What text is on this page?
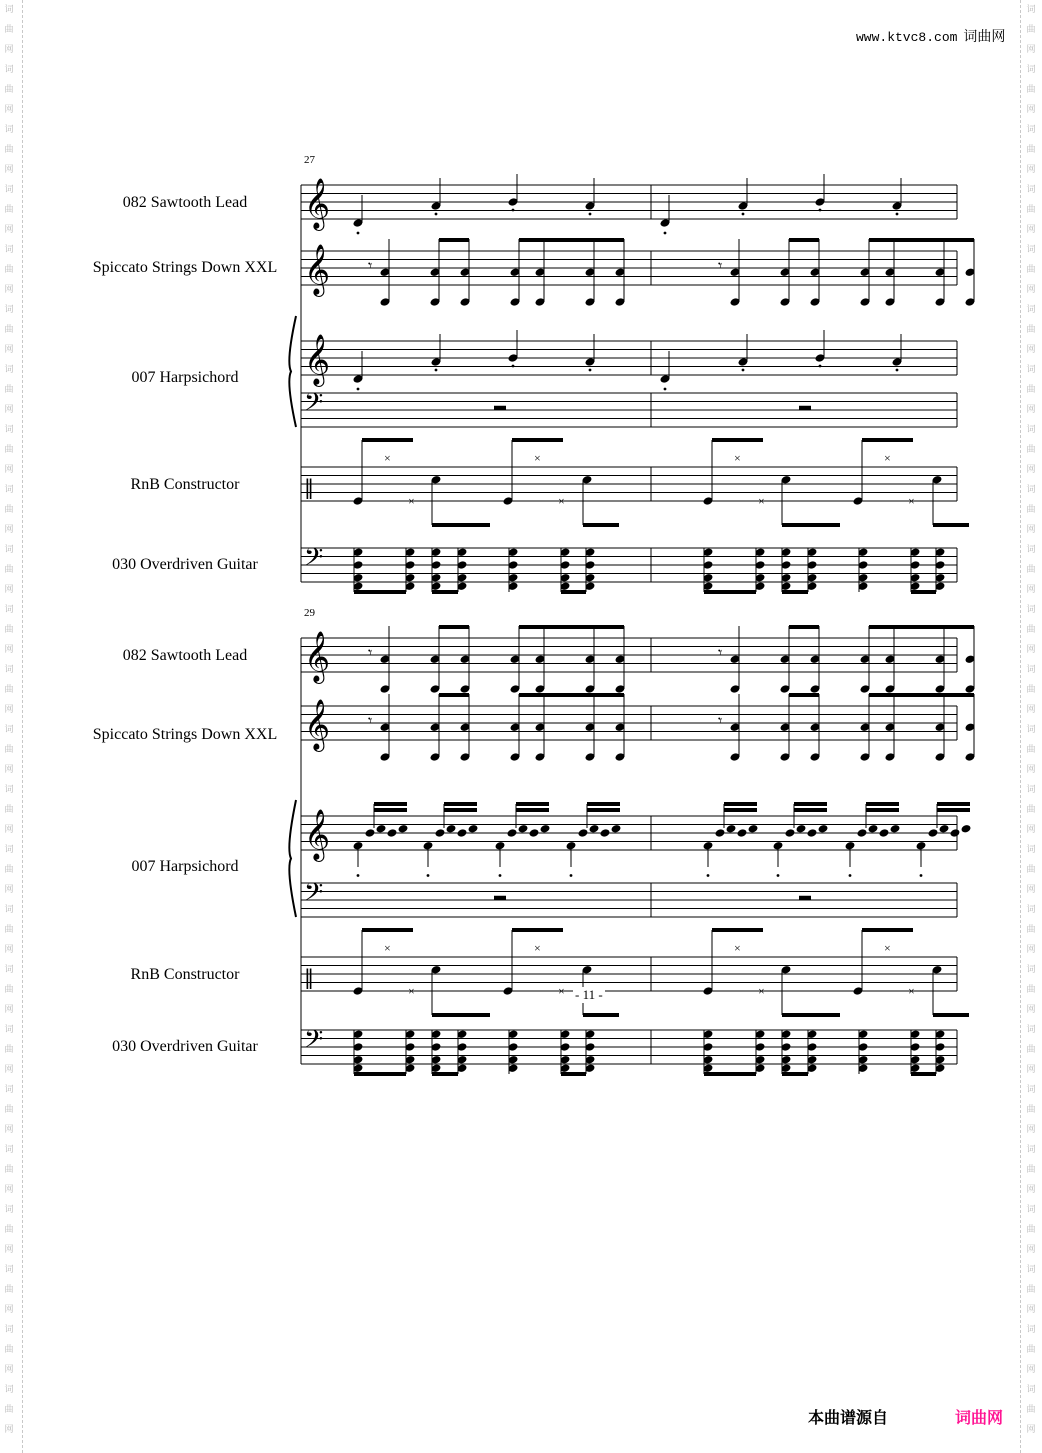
词
曲
网
词
曲
网
词
曲
网
词
曲
网
词
曲
网
词
曲
网
词
曲
网
词
曲
网
词
曲
网
词
曲
网
词
曲
网
词
曲
网
词
曲
网
词
曲
网
词
曲
网
词
曲
网
词
曲
网
词
曲
网
词
曲
网
词
曲
网
词
曲
网
词
曲
网
词
曲
网
词
曲
网
词
曲
网
词
曲
网
词
曲
网
词
曲
网
词
曲
网
词
曲
网
词
曲
网
词
曲
网
词
曲
网
词
曲
网
词
曲
网
词
曲
网
词
曲
网
词
曲
网
词
曲
网
词
曲
网
词
曲
网
词
曲
网
词
曲
网
词
曲
网
词
曲
网
词
曲
网
词
曲
网
词
曲
网
www.ktvc8.com 词曲网
27
082 Sawtooth Lead
Spiccato Strings Down XXL
007 Harpsichord
RnB Constructor
030 Overdriven Guitar
29
082 Sawtooth Lead
Spiccato Strings Down XXL
007 Harpsichord
RnB Constructor
030 Overdriven Guitar
𝄞
𝄞 𝄾	𝄾
𝄞
𝄢
‖
×	×
×	×
×	×
×	×
𝄢
𝄞 𝄾	𝄾
𝄞 𝄾	𝄾
𝄞
𝄢
‖
×	×
×	×
×	×
×	×
𝄢
- 11 -
本曲谱源自	词曲网
